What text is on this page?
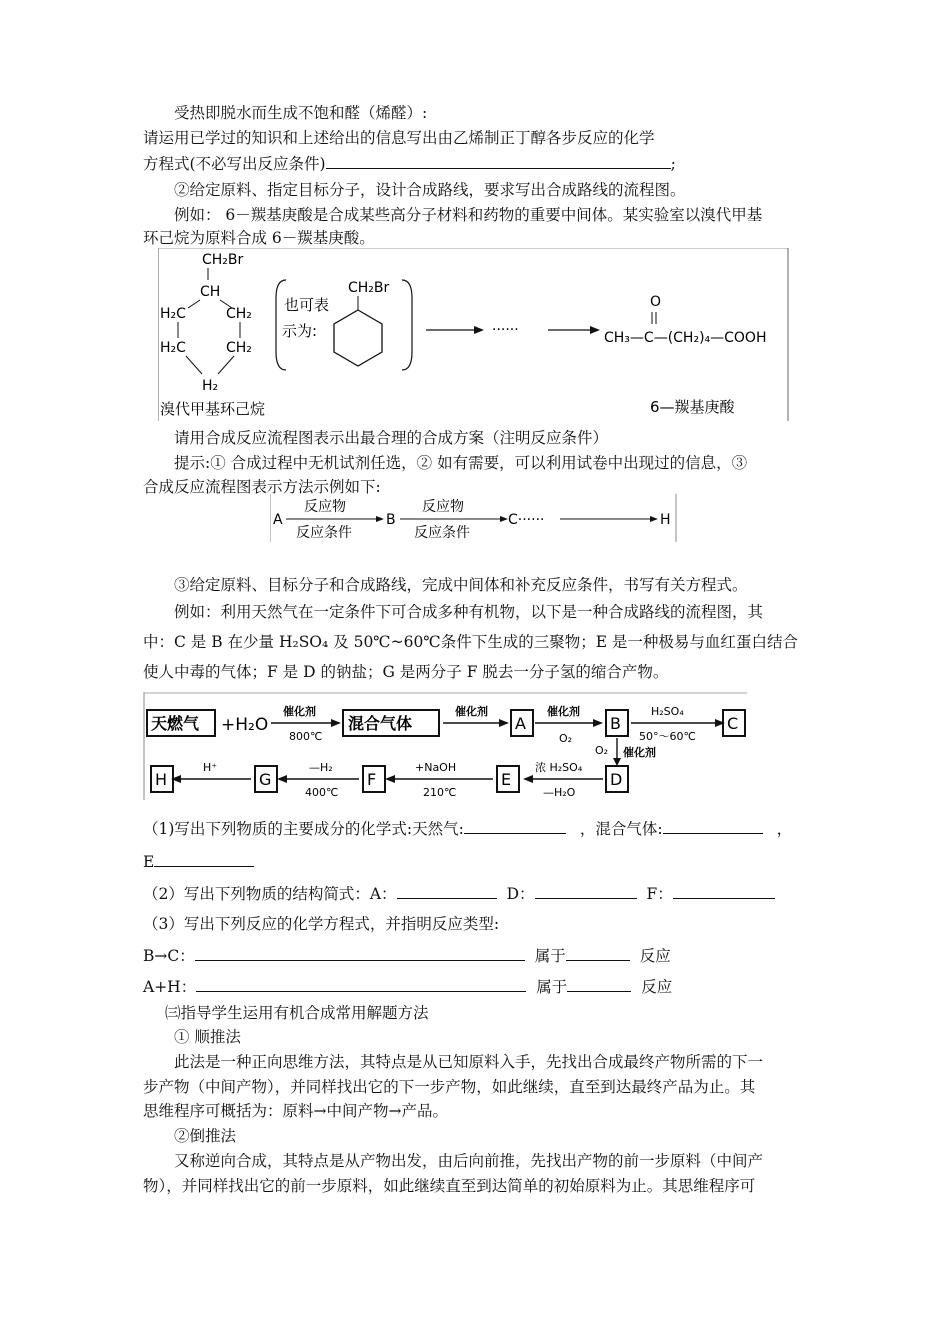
受热即脱水而生成不饱和醛（烯醛）:
请运用已学过的知识和上述给出的信息写出由乙烯制正丁醇各步反应的化学
方程式(不必写出反应条件)	;
②给定原料、指定目标分子，设计合成路线，要求写出合成路线的流程图。
例如： 6－羰基庚酸是合成某些高分子材料和药物的重要中间体。某实验室以溴代甲基
环己烷为原料合成 6－羰基庚酸。
CH₂Br
CH
H₂C	CH₂
H₂C	CH₂
H₂
也可表
示为:
CH₂Br
······
O
CH₃—C—(CH₂)₄—COOH
溴代甲基环己烷	6—羰基庚酸
请用合成反应流程图表示出最合理的合成方案（注明反应条件）
提示:① 合成过程中无机试剂任选，② 如有需要，可以利用试卷中出现过的信息，③
合成反应流程图表示方法示例如下:
A
反应物
反应条件
B
反应物
反应条件
C······	H
③给定原料、目标分子和合成路线，完成中间体和补充反应条件，书写有关方程式。
例如：利用天然气在一定条件下可合成多种有机物，以下是一种合成路线的流程图，其
中：C 是 B 在少量 H₂SO₄ 及 50℃~60℃条件下生成的三聚物；E 是一种极易与血红蛋白结合
使人中毒的气体；F 是 D 的钠盐；G 是两分子 F 脱去一分子氢的缩合产物。
天燃气 +H₂O
催化剂
800℃
混合气体
催化剂
A
催化剂
O₂
B
H₂SO₄
50°～60℃
C
O₂ 催化剂
D
浓 H₂SO₄
—H₂O
E
+NaOH
210℃
F
—H₂
400℃
G
H⁺
H
（1)写出下列物质的主要成分的化学式:天然气:	，混合气体:	，
E
（2）写出下列物质的结构简式：A：	D：	F：
（3）写出下列反应的化学方程式，并指明反应类型:
B→C：	属于	反应
A+H：	属于	反应
㈢指导学生运用有机合成常用解题方法
① 顺推法
此法是一种正向思维方法，其特点是从已知原料入手，先找出合成最终产物所需的下一
步产物（中间产物），并同样找出它的下一步产物，如此继续，直至到达最终产品为止。其
思维程序可概括为：原料→中间产物→产品。
②倒推法
又称逆向合成，其特点是从产物出发，由后向前推，先找出产物的前一步原料（中间产
物），并同样找出它的前一步原料，如此继续直至到达简单的初始原料为止。其思维程序可
